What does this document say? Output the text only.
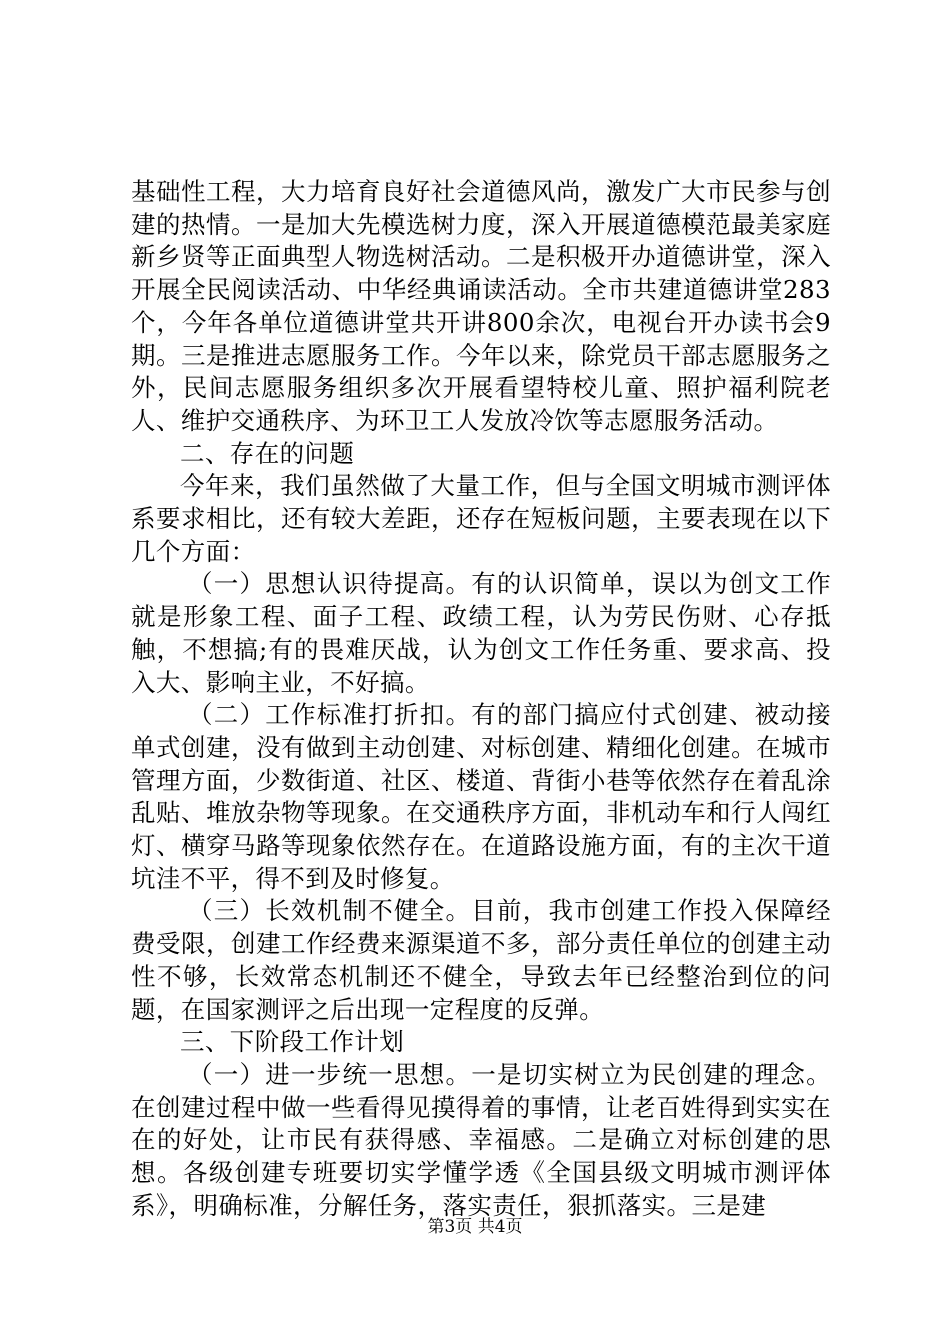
基础性工程，大力培育良好社会道德风尚，激发广大市民参与创建的热情。一是加大先模选树力度，深入开展道德模范最美家庭新乡贤等正面典型人物选树活动。二是积极开办道德讲堂，深入开展全民阅读活动、中华经典诵读活动。全市共建道德讲堂283个，今年各单位道德讲堂共开讲800余次，电视台开办读书会9期。三是推进志愿服务工作。今年以来，除党员干部志愿服务之外，民间志愿服务组织多次开展看望特校儿童、照护福利院老人、维护交通秩序、为环卫工人发放冷饮等志愿服务活动。

二、存在的问题

今年来，我们虽然做了大量工作，但与全国文明城市测评体系要求相比，还有较大差距，还存在短板问题，主要表现在以下几个方面：

（一）思想认识待提高。有的认识简单，误以为创文工作就是形象工程、面子工程、政绩工程，认为劳民伤财、心存抵触，不想搞;有的畏难厌战，认为创文工作任务重、要求高、投入大、影响主业，不好搞。

（二）工作标准打折扣。有的部门搞应付式创建、被动接单式创建，没有做到主动创建、对标创建、精细化创建。在城市管理方面，少数街道、社区、楼道、背街小巷等依然存在着乱涂乱贴、堆放杂物等现象。在交通秩序方面，非机动车和行人闯红灯、横穿马路等现象依然存在。在道路设施方面，有的主次干道坑洼不平，得不到及时修复。

（三）长效机制不健全。目前，我市创建工作投入保障经费受限，创建工作经费来源渠道不多，部分责任单位的创建主动性不够，长效常态机制还不健全，导致去年已经整治到位的问题，在国家测评之后出现一定程度的反弹。

三、下阶段工作计划

（一）进一步统一思想。一是切实树立为民创建的理念。在创建过程中做一些看得见摸得着的事情，让老百姓得到实实在在的好处，让市民有获得感、幸福感。二是确立对标创建的思想。各级创建专班要切实学懂学透《全国县级文明城市测评体系》，明确标准，分解任务，落实责任，狠抓落实。三是建

第3页 共4页
